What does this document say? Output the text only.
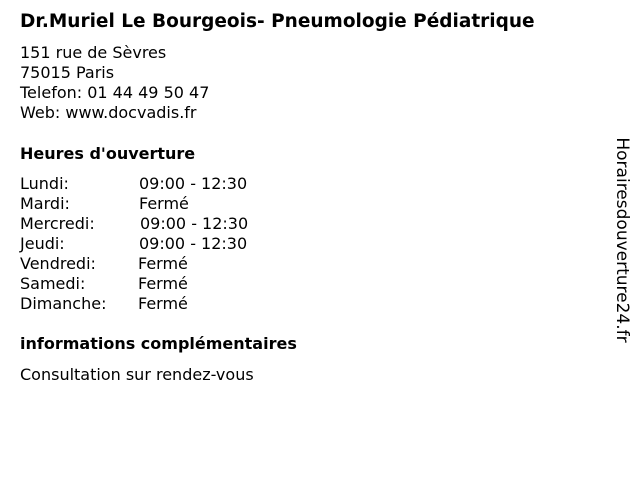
Dr.Muriel Le Bourgeois- Pneumologie Pédiatrique
151 rue de Sèvres
75015 Paris
Telefon: 01 44 49 50 47
Web: www.docvadis.fr
Heures d'ouverture
Lundi:	09:00 - 12:30
Mardi:	Fermé
Mercredi:	09:00 - 12:30
Jeudi:	09:00 - 12:30
Vendredi:	Fermé
Samedi:	Fermé
Dimanche: Fermé
informations complémentaires
Consultation sur rendez-vous
Horairesdouverture24.fr
